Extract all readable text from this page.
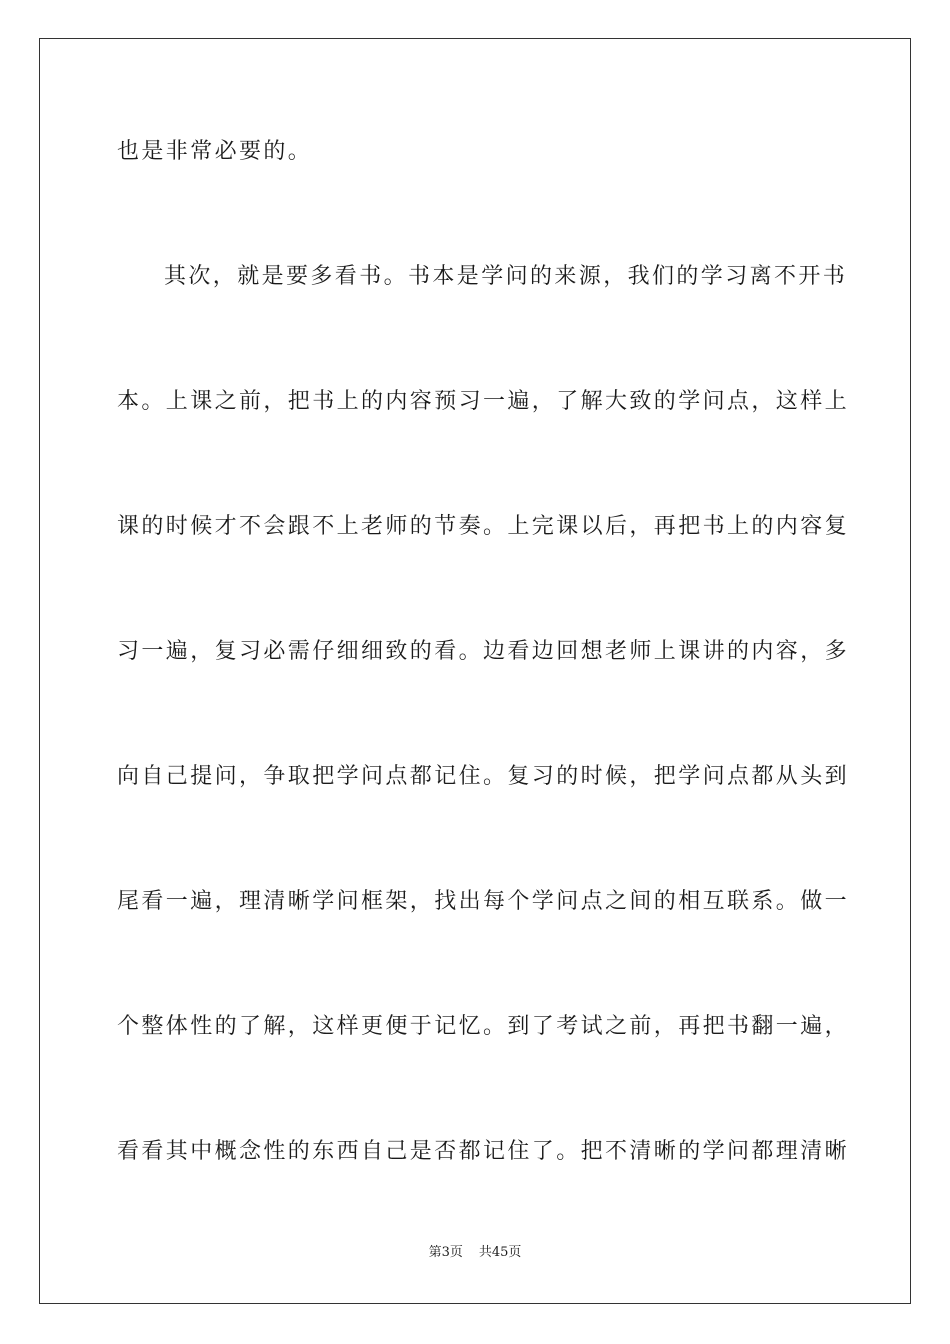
也是非常必要的。
其次，就是要多看书。书本是学问的来源，我们的学习离不开书
本。上课之前，把书上的内容预习一遍，了解大致的学问点，这样上
课的时候才不会跟不上老师的节奏。上完课以后，再把书上的内容复
习一遍，复习必需仔细细致的看。边看边回想老师上课讲的内容，多
向自己提问，争取把学问点都记住。复习的时候，把学问点都从头到
尾看一遍，理清晰学问框架，找出每个学问点之间的相互联系。做一
个整体性的了解，这样更便于记忆。到了考试之前，再把书翻一遍，
看看其中概念性的东西自己是否都记住了。把不清晰的学问都理清晰
第3页 共45页
